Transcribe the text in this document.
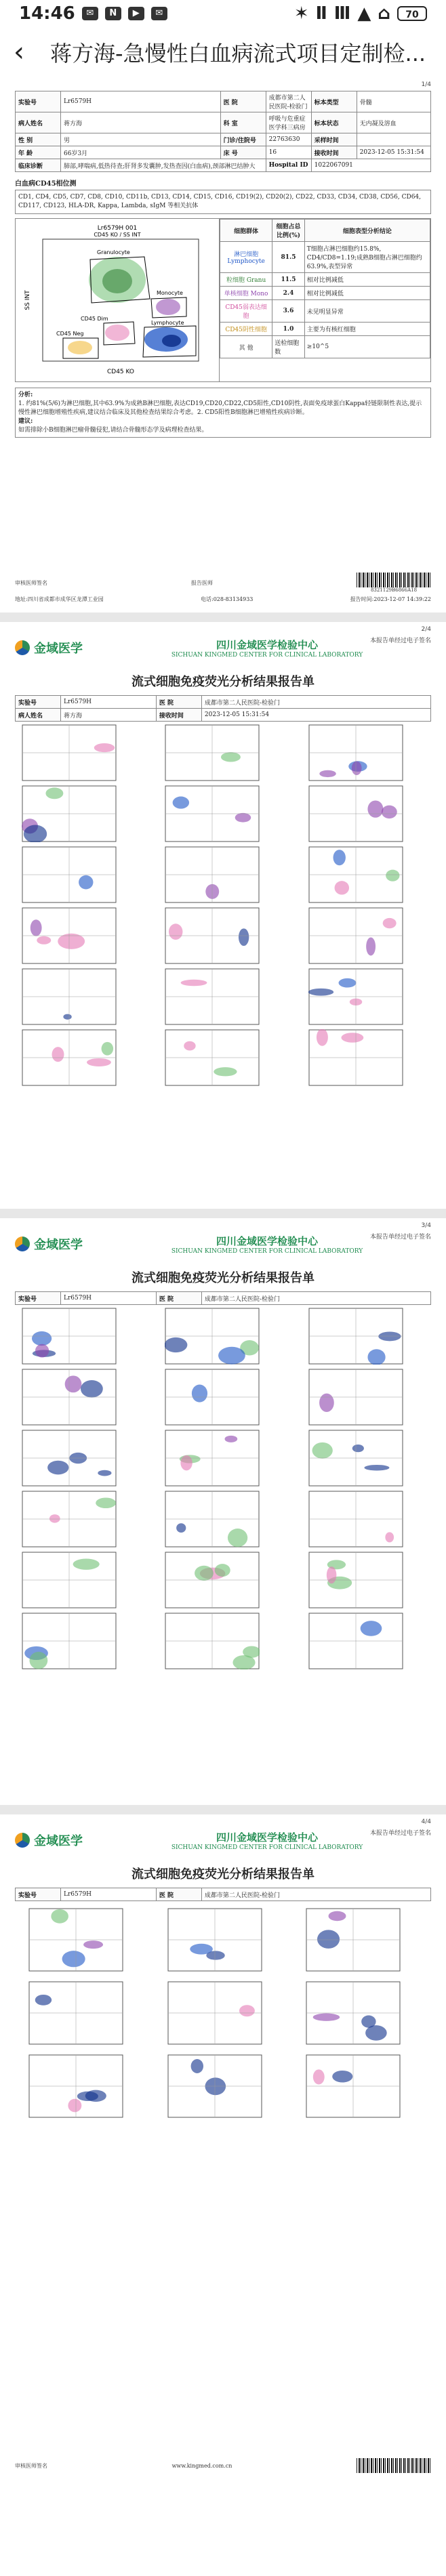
14:46	✉	N	▶	✉	✶ Ⅱ Ⅲ ▲ ⌂	70
‹	蒋方海-急慢性白血病流式项目定制检...
1/4
实验号	Lr6579H	医 院	成都市第二人民医院-检验门	标本类型	骨髓
病人姓名	蒋方海	科 室	呼吸与危重症医学科三病房	标本状态	无内凝及溶血
性 别	男	门诊/住院号	22763630	采样时间	
年 龄	66岁3月	床 号	16	接收时间	2023-12-05 15:31:54
临床诊断	肺部,哮喘病,低热待查;肝肾多发囊肿,发热查因(白血病),颈部淋巴结肿大		Hospital ID	1022067091	
白血病CD45相位测
CD1, CD4, CD5, CD7, CD8, CD10, CD11b, CD13, CD14, CD15, CD16, CD19(2), CD20(2), CD22, CD33, CD34, CD38, CD56, CD64, CD117, CD123, HLA-DR, Kappa, Lambda, sIgM 等相关抗体
Lr6579H 001
CD45 KO / SS INT
CD45 KO
SS INT
Granulocyte
CD45 Neg
CD45 Dim
Monocyte
Lymphocyte
细胞群体	细胞占总比例(%)	细胞表型分析结论
淋巴细胞 Lymphocyte	81.5	T细胞占淋巴细胞约15.8%, CD4/CD8=1.19;成熟B细胞占淋巴细胞约63.9%,表型异常
粒细胞 Granu	11.5	相对比例减低
单核细胞 Mono	2.4	相对比例减低
CD45弱表达细胞	3.6	未见明显异常
CD45阴性细胞	1.0	主要为有核红细胞
其 他	送检细胞数	≥10^5
分析:
1. 约81%(5/6)为淋巴细胞,其中63.9%为成熟B淋巴细胞,表达CD19,CD20,CD22,CD5阳性,CD10阴性,表面免疫球蛋白Kappa轻链限制性表达,提示慢性淋巴细胞增殖性疾病,建议结合临床及其他检查结果综合考虑。2. CD5阳性B细胞淋巴增殖性疾病诊断。
建议:
如需排除小B细胞淋巴瘤骨髓侵犯,请结合骨髓形态学及病理检查结果。
审核医师签名	报告医师
8321129B6866A18
地址:四川省成都市成华区龙潭工业园	电话:028-83134933	报告时间:2023-12-07 14:39:22
2/4
金域医学	四川金域医学检验中心
SICHUAN KINGMED CENTER FOR CLINICAL LABORATORY
本报告单经过电子签名
流式细胞免疫荧光分析结果报告单
实验号	Lr6579H	医 院	成都市第二人民医院-检验门
病人姓名	蒋方海	接收时间	2023-12-05 15:31:54
3/4
金域医学	四川金域医学检验中心
SICHUAN KINGMED CENTER FOR CLINICAL LABORATORY
本报告单经过电子签名
流式细胞免疫荧光分析结果报告单
实验号	Lr6579H	医 院	成都市第二人民医院-检验门
4/4
金域医学	四川金域医学检验中心
SICHUAN KINGMED CENTER FOR CLINICAL LABORATORY
本报告单经过电子签名
流式细胞免疫荧光分析结果报告单
实验号	Lr6579H	医 院	成都市第二人民医院-检验门
审核医师签名	www.kingmed.com.cn
